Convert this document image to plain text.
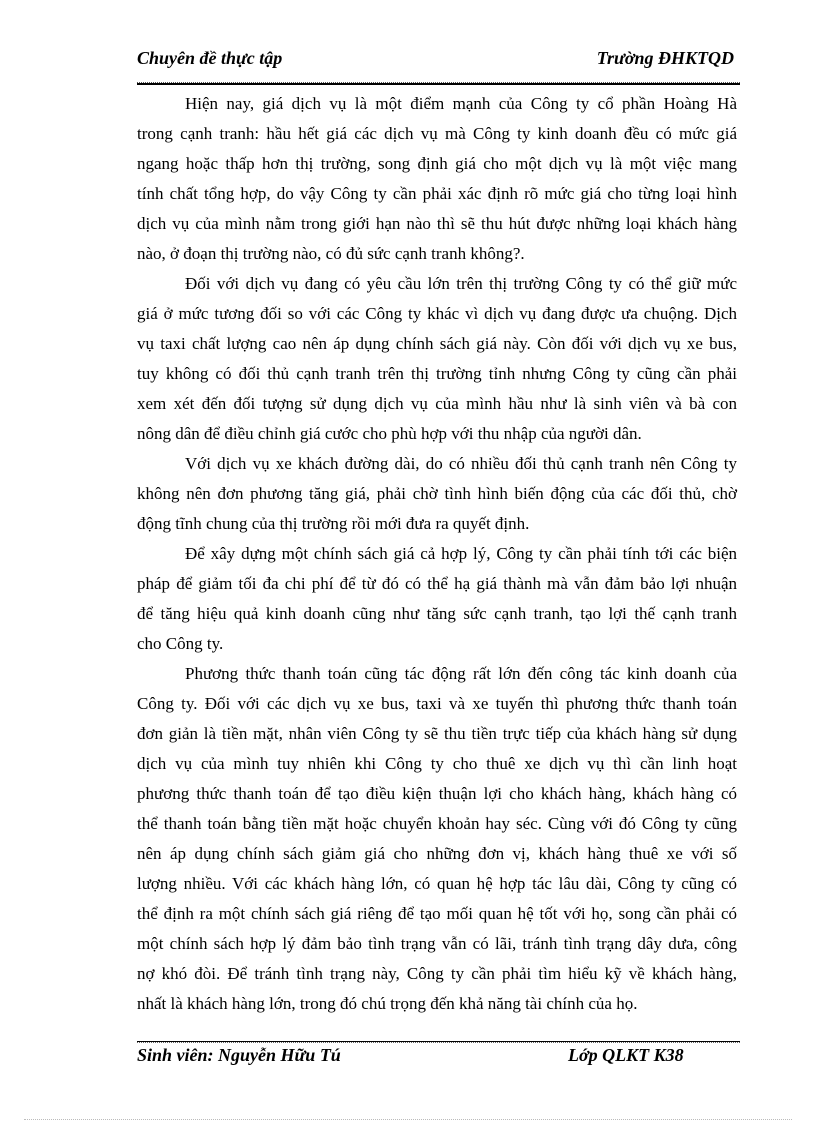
Chuyên đề thực tập	Trường ĐHKTQD
Hiện nay, giá dịch vụ là một điểm mạnh của Công ty cổ phần Hoàng Hà
trong cạnh tranh: hầu hết giá các dịch vụ mà Công ty kinh doanh đều có mức giá
ngang hoặc thấp hơn thị trường, song định giá cho một dịch vụ là một việc mang
tính chất tổng hợp, do vậy Công ty cần phải xác định rõ mức giá cho từng loại hình
dịch vụ của mình nằm trong giới hạn nào thì sẽ thu hút được những loại khách hàng
nào, ở đoạn thị trường nào, có đủ sức cạnh tranh không?.
Đối với dịch vụ đang có yêu cầu lớn trên thị trường Công ty có thể giữ mức
giá ở mức tương đối so với các Công ty khác vì dịch vụ đang được ưa chuộng. Dịch
vụ taxi chất lượng cao nên áp dụng chính sách giá này. Còn đối với dịch vụ xe bus,
tuy không có đối thủ cạnh tranh trên thị trường tỉnh nhưng Công ty cũng cần phải
xem xét đến đối tượng sử dụng dịch vụ của mình hầu như là sinh viên và bà con
nông dân để điều chỉnh giá cước cho phù hợp với thu nhập của người dân.
Với dịch vụ xe khách đường dài, do có nhiều đối thủ cạnh tranh nên Công ty
không nên đơn phương tăng giá, phải chờ tình hình biến động của các đối thủ, chờ
động tĩnh chung của thị trường rồi mới đưa ra quyết định.
Để xây dựng một chính sách giá cả hợp lý, Công ty cần phải tính tới các biện
pháp để giảm tối đa chi phí để từ đó có thể hạ giá thành mà vẫn đảm bảo lợi nhuận
để tăng hiệu quả kinh doanh cũng như tăng sức cạnh tranh, tạo lợi thế cạnh tranh
cho Công ty.
Phương thức thanh toán cũng tác động rất lớn đến công tác kinh doanh của
Công ty. Đối với các dịch vụ xe bus, taxi và xe tuyến thì phương thức thanh toán
đơn giản là tiền mặt, nhân viên Công ty sẽ thu tiền trực tiếp của khách hàng sử dụng
dịch vụ của mình tuy nhiên khi Công ty cho thuê xe dịch vụ thì cần linh hoạt
phương thức thanh toán để tạo điều kiện thuận lợi cho khách hàng, khách hàng có
thể thanh toán bằng tiền mặt hoặc chuyển khoản hay séc. Cùng với đó Công ty cũng
nên áp dụng chính sách giảm giá cho những đơn vị, khách hàng thuê xe với số
lượng nhiều. Với các khách hàng lớn, có quan hệ hợp tác lâu dài, Công ty cũng có
thể định ra một chính sách giá riêng để tạo mối quan hệ tốt với họ, song cần phải có
một chính sách hợp lý đảm bảo tình trạng vẫn có lãi, tránh tình trạng dây dưa, công
nợ khó đòi. Để tránh tình trạng này, Công ty cần phải tìm hiểu kỹ về khách hàng,
nhất là khách hàng lớn, trong đó chú trọng đến khả năng tài chính của họ.
Sinh viên: Nguyễn Hữu Tú	Lớp QLKT K38
